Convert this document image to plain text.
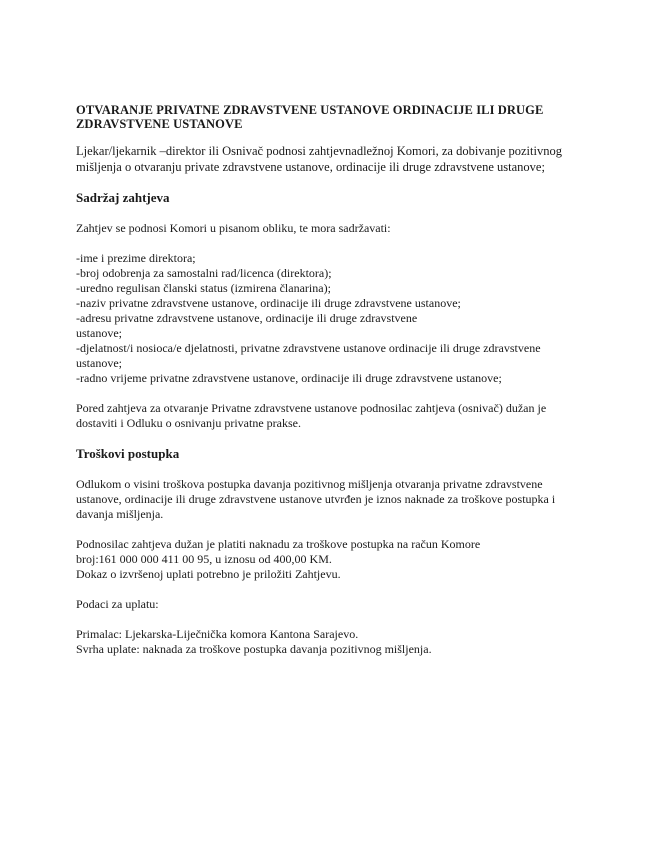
OTVARANJE PRIVATNE ZDRAVSTVENE USTANOVE ORDINACIJE ILI DRUGE ZDRAVSTVENE USTANOVE

Ljekar/ljekarnik –direktor ili Osnivač podnosi zahtjevnadležnoj Komori, za dobivanje pozitivnog mišljenja o otvaranju private zdravstvene ustanove, ordinacije ili druge zdravstvene ustanove;

Sadržaj zahtjeva

Zahtjev se podnosi Komori u pisanom obliku, te mora sadržavati:

-ime i prezime direktora;
-broj odobrenja za samostalni rad/licenca (direktora);
-uredno regulisan članski status (izmirena članarina);
-naziv privatne zdravstvene ustanove, ordinacije ili druge zdravstvene ustanove;
-adresu privatne zdravstvene ustanove, ordinacije ili druge zdravstvene
ustanove;
-djelatnost/i nosioca/e djelatnosti, privatne zdravstvene ustanove ordinacije ili druge zdravstvene
ustanove;
-radno vrijeme privatne zdravstvene ustanove, ordinacije ili druge zdravstvene ustanove;

Pored zahtjeva za otvaranje Privatne zdravstvene ustanove podnosilac zahtjeva (osnivač) dužan je dostaviti i Odluku o osnivanju privatne prakse.

Troškovi postupka

Odlukom o visini troškova postupka davanja pozitivnog mišljenja otvaranja privatne zdravstvene ustanove, ordinacije ili druge zdravstvene ustanove utvrđen je iznos naknade za troškove postupka i davanja mišljenja.

Podnosilac zahtjeva dužan je platiti naknadu za troškove postupka na račun Komore
broj:161 000 000 411 00 95, u iznosu od 400,00 KM.
Dokaz o izvršenoj uplati potrebno je priložiti Zahtjevu.

Podaci za uplatu:

Primalac: Ljekarska-Liječnička komora Kantona Sarajevo.

Svrha uplate: naknada za troškove postupka davanja pozitivnog mišljenja.
